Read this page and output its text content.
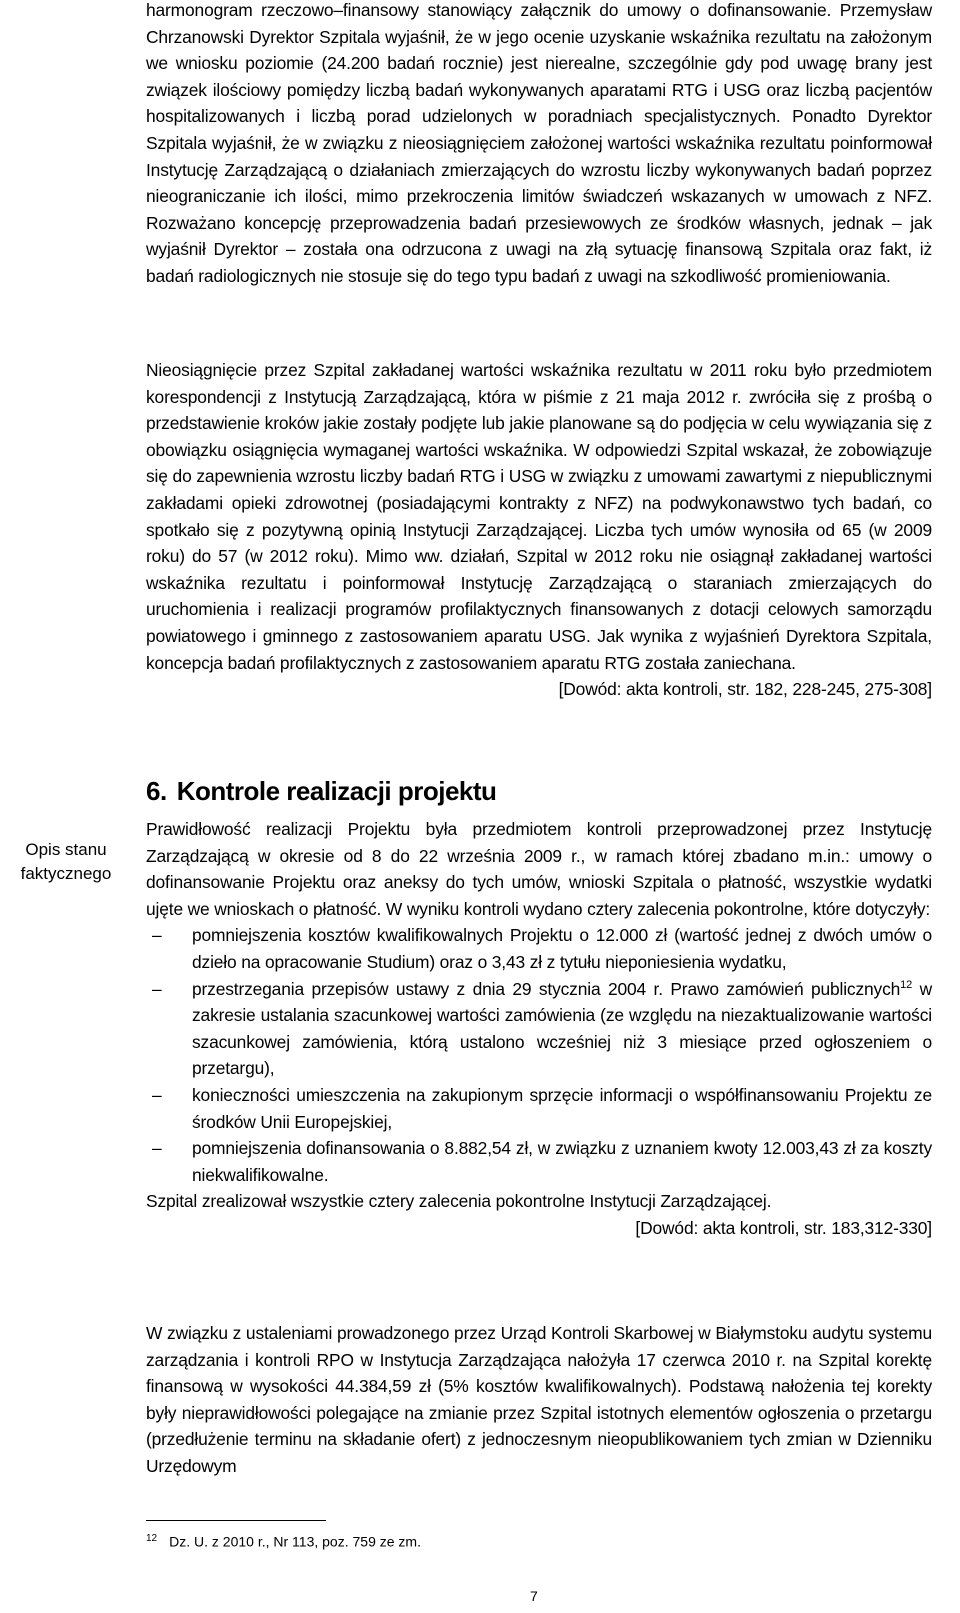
Opis stanu faktycznego

harmonogram rzeczowo–finansowy stanowiący załącznik do umowy o dofinansowanie. Przemysław Chrzanowski Dyrektor Szpitala wyjaśnił, że w jego ocenie uzyskanie wskaźnika rezultatu na założonym we wniosku poziomie (24.200 badań rocznie) jest nierealne, szczególnie gdy pod uwagę brany jest związek ilościowy pomiędzy liczbą badań wykonywanych aparatami RTG i USG oraz liczbą pacjentów hospitalizowanych i liczbą porad udzielonych w poradniach specjalistycznych. Ponadto Dyrektor Szpitala wyjaśnił, że w związku z nieosiągnięciem założonej wartości wskaźnika rezultatu poinformował Instytucję Zarządzającą o działaniach zmierzających do wzrostu liczby wykonywanych badań poprzez nieograniczanie ich ilości, mimo przekroczenia limitów świadczeń wskazanych w umowach z NFZ. Rozważano koncepcję przeprowadzenia badań przesiewowych ze środków własnych, jednak – jak wyjaśnił Dyrektor – została ona odrzucona z uwagi na złą sytuację finansową Szpitala oraz fakt, iż badań radiologicznych nie stosuje się do tego typu badań z uwagi na szkodliwość promieniowania.

Nieosiągnięcie przez Szpital zakładanej wartości wskaźnika rezultatu w 2011 roku było przedmiotem korespondencji z Instytucją Zarządzającą, która w piśmie z 21 maja 2012 r. zwróciła się z prośbą o przedstawienie kroków jakie zostały podjęte lub jakie planowane są do podjęcia w celu wywiązania się z obowiązku osiągnięcia wymaganej wartości wskaźnika. W odpowiedzi Szpital wskazał, że zobowiązuje się do zapewnienia wzrostu liczby badań RTG i USG w związku z umowami zawartymi z niepublicznymi zakładami opieki zdrowotnej (posiadającymi kontrakty z NFZ) na podwykonawstwo tych badań, co spotkało się z pozytywną opinią Instytucji Zarządzającej. Liczba tych umów wynosiła od 65 (w 2009 roku) do 57 (w 2012 roku). Mimo ww. działań, Szpital w 2012 roku nie osiągnął zakładanej wartości wskaźnika rezultatu i poinformował Instytucję Zarządzającą o staraniach zmierzających do uruchomienia i realizacji programów profilaktycznych finansowanych z dotacji celowych samorządu powiatowego i gminnego z zastosowaniem aparatu USG. Jak wynika z wyjaśnień Dyrektora Szpitala, koncepcja badań profilaktycznych z zastosowaniem aparatu RTG została zaniechana.

[Dowód: akta kontroli, str. 182, 228-245, 275-308]

6. Kontrole realizacji projektu

Prawidłowość realizacji Projektu była przedmiotem kontroli przeprowadzonej przez Instytucję Zarządzającą w okresie od 8 do 22 września 2009 r., w ramach której zbadano m.in.: umowy o dofinansowanie Projektu oraz aneksy do tych umów, wnioski Szpitala o płatność, wszystkie wydatki ujęte we wnioskach o płatność. W wyniku kontroli wydano cztery zalecenia pokontrolne, które dotyczyły:

– pomniejszenia kosztów kwalifikowalnych Projektu o 12.000 zł (wartość jednej z dwóch umów o dzieło na opracowanie Studium) oraz o 3,43 zł z tytułu nieponiesienia wydatku,
– przestrzegania przepisów ustawy z dnia 29 stycznia 2004 r. Prawo zamówień publicznych$^{12}$ w zakresie ustalania szacunkowej wartości zamówienia (ze względu na niezaktualizowanie wartości szacunkowej zamówienia, którą ustalono wcześniej niż 3 miesiące przed ogłoszeniem o przetargu),
– konieczności umieszczenia na zakupionym sprzęcie informacji o współfinansowaniu Projektu ze środków Unii Europejskiej,
– pomniejszenia dofinansowania o 8.882,54 zł, w związku z uznaniem kwoty 12.003,43 zł za koszty niekwalifikowalne.

Szpital zrealizował wszystkie cztery zalecenia pokontrolne Instytucji Zarządzającej.

[Dowód: akta kontroli, str. 183,312-330]

W związku z ustaleniami prowadzonego przez Urząd Kontroli Skarbowej w Białymstoku audytu systemu zarządzania i kontroli RPO w Instytucja Zarządzająca nałożyła 17 czerwca 2010 r. na Szpital korektę finansową w wysokości 44.384,59 zł (5% kosztów kwalifikowalnych). Podstawą nałożenia tej korekty były nieprawidłowości polegające na zmianie przez Szpital istotnych elementów ogłoszenia o przetargu (przedłużenie terminu na składanie ofert) z jednoczesnym nieopublikowaniem tych zmian w Dzienniku Urzędowym

$^{12}$ Dz. U. z 2010 r., Nr 113, poz. 759 ze zm.
7
